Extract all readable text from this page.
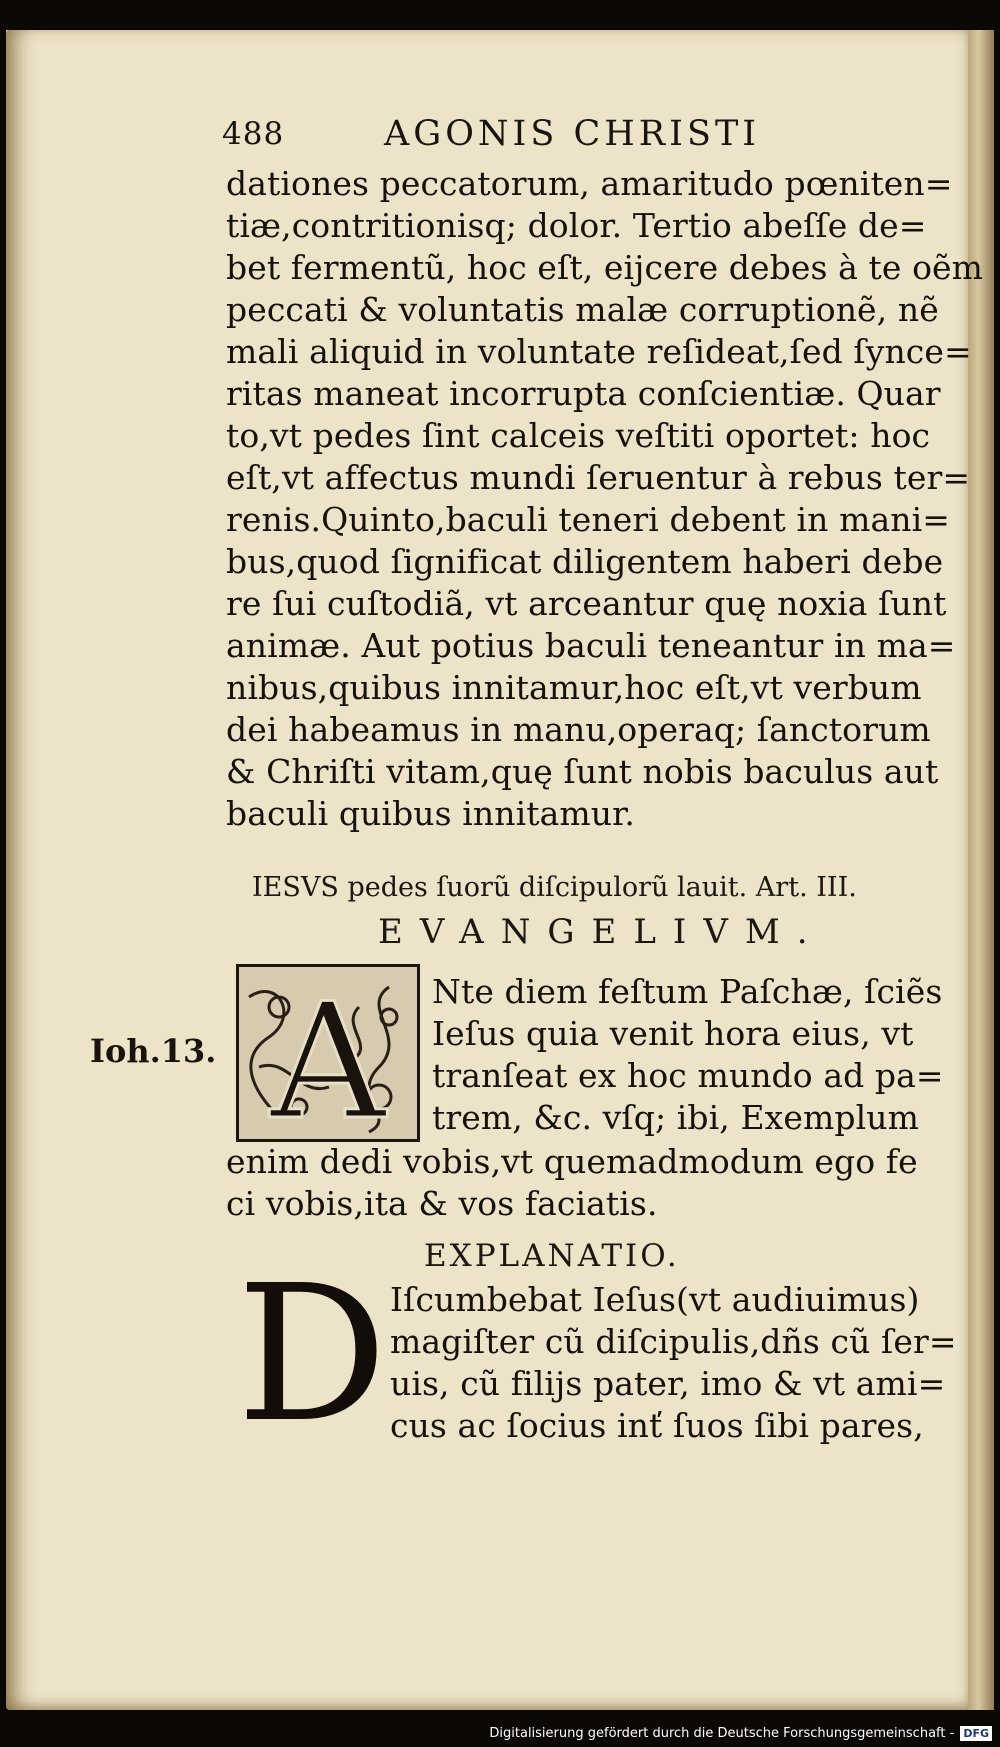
488	AGONIS CHRISTI
dationes peccatorum, amaritudo pœniten=
tiæ,contritionisq; dolor. Tertio abeſſe de=
bet fermentũ, hoc eſt, eijcere debes à te oẽm
peccati & voluntatis malæ corruptionẽ, nẽ
mali aliquid in voluntate reſideat,ſed ſynce=
ritas maneat incorrupta conſcientiæ. Quar
to,vt pedes ſint calceis veſtiti oportet: hoc
eſt,vt affectus mundi ſeruentur à rebus ter=
renis.Quinto,baculi teneri debent in mani=
bus,quod ſignificat diligentem haberi debe
re ſui cuſtodiã, vt arceantur quę noxia ſunt
animæ. Aut potius baculi teneantur in ma=
nibus,quibus innitamur,hoc eſt,vt verbum
dei habeamus in manu,operaq; ſanctorum
& Chriſti vitam,quę ſunt nobis baculus aut
baculi quibus innitamur.
IESVS pedes ſuorũ diſcipulorũ lauit. Art. III.
EVANGELIVM.
Ioh.13. A Nte diem feſtum Paſchæ, ſciẽs
Ieſus quia venit hora eius, vt
tranſeat ex hoc mundo ad pa=
trem, &c. vſq; ibi, Exemplum
enim dedi vobis,vt quemadmodum ego fe
ci vobis,ita & vos faciatis.
EXPLANATIO.
D Iſcumbebat Ieſus(vt audiuimus)
magiſter cũ diſcipulis,dñs cũ ſer=
uis, cũ filijs pater, imo & vt ami=
cus ac ſocius inť ſuos ſibi pares,
Digitalisierung gefördert durch die Deutsche Forschungsgemeinschaft - DFG
